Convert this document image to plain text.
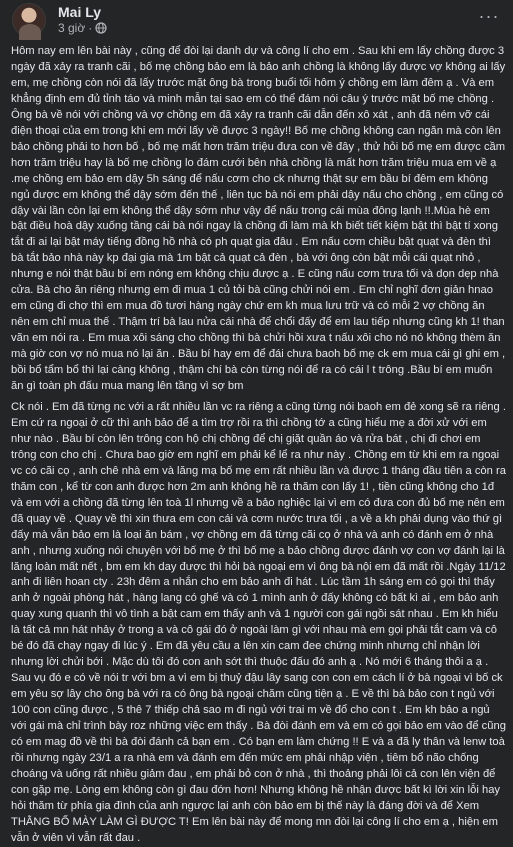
Mai Ly
3 giờ ·
···

Hôm nay em lên bài này , cũng để đòi lại danh dự và công lí cho em . Sau khi em lấy chồng được 3 ngày đã xảy ra tranh cãi , bố mẹ chồng bảo em là bảo anh chồng là không lấy được vợ không ai lấy em, mẹ chồng còn nói đã lấy trước mặt ông bà trong buổi tối hôm ý chồng em làm đêm ạ . Và em khẳng định em đủ tỉnh táo và minh mẫn tại sao em có thể đám nói câu ý trước mặt bố mẹ chồng . Ông bà về nói với chồng và vợ chồng em đã xảy ra tranh cãi dẫn đến xô xát , anh đã ném vỡ cái điện thoại của em trong khi em mới lấy về được 3 ngày!! Bố mẹ chồng không can ngăn mà còn lên bảo chồng phải to hơn bố , bố mẹ mất hơn trăm triệu đưa con về đây , thử hỏi bố mẹ em được cầm hơn trăm triệu hay là bố mẹ chồng lo đám cưới bên nhà chồng là mất hơn trăm triệu mua em về ạ .mẹ chồng em bảo em dậy 5h sáng để nấu cơm cho ck nhưng thật sự em bầu bí đêm em không ngủ được em không thể dậy sớm đến thế , liên tục bà nói em phải dậy nấu cho chồng , em cũng có dậy vài lần còn lại em không thể dậy sớm như vậy để nấu trong cái mùa đông lạnh !!.Mùa hè em bật điều hoà dậy xuống tầng cái bà nói ngay là chồng đi làm mà kh biết tiết kiệm bật thì bật tí xong tắt đi ai lại bật máy tiếng đồng hồ nhà có ph quạt gia đâu . Em nấu cơm chiều bật quạt và đèn thì bà tắt bảo nhà này kp đại gia mà 1m bật cả quạt cả đèn , bà với ông còn bật mỗi cái quạt nhỏ , nhưng e nói thật bầu bí em nóng em không chịu được ạ . E cũng nấu cơm trưa tối và dọn dẹp nhà cửa. Bà cho ăn riêng nhưng em đi mua 1 củ tỏi bà cũng chửi nói em . Em chỉ nghĩ đơn giản hnao em cũng đi chợ thì em mua đồ tươi hàng ngày chứ em kh mua lưu trữ và có mỗi 2 vợ chồng ăn nên em chỉ mua thế . Thậm trí bà lau nửa cái nhà để chổi đấy để em lau tiếp nhưng cũng kh 1! than vãn em nói ra . Em mua xôi sáng cho chồng thì bà chửi hồi xưa t nấu xôi cho nó nó không thèm ăn mà giờ con vợ nó mua nó lại ăn . Bầu bí hay em để đái chưa baoh bố mẹ ck em mua cái gì ghi em , bồi bổ tẩm bổ thì lại càng không , thậm chí bà còn từng nói để ra có cái l t trông .Bầu bí em muốn ăn gì toàn ph đấu mua mang lên tầng vì sợ bm

Ck nói . Em đã từng nc với a rất nhiều lần vc ra riêng a cũng từng nói baoh em đẻ xong sẽ ra riêng . Em cứ ra ngoại ở cữ thì anh bảo để a tìm trợ rồi ra thì chồng tớ a cũng hiểu mẹ a đời xử với em như nào . Bầu bí còn lên trông con hộ chị chồng để chị giặt quần áo và rửa bát , chị đi chơi em trông con cho chị . Chưa bao giờ em nghĩ em phải kể lể ra như này . Chồng em từ khi em ra ngoại vc có cãi cọ , anh chê nhà em và lăng mạ bố mẹ em rất nhiều lần và được 1 tháng đầu tiên a còn ra thăm con , kể từ con anh được hơn 2m anh không hề ra thăm con lấy 1! , tiền cũng không cho 1đ và em với a chồng đã từng lên toà 1l nhưng về a bảo nghiệc lại vì em có đưa con đủ bố mẹ nên em đã quay về . Quay về thì xin thưa em con cái và cơm nước trưa tối , a về a kh phải dụng vào thứ gì đấy mà vẫn bảo em là loại ăn bám , vợ chồng em đã từng cãi cọ ở nhà và anh có đánh em ở nhà anh , nhưng xuống nói chuyện với bố mẹ ở thì bố mẹ a bảo chồng được đánh vợ con vợ đánh lại là lăng loàn mất nết , bm em kh day được thì hỏi bà ngoại em vì ông bà nội em đã mất rồi .Ngày 11/12 anh đi liên hoan cty . 23h đêm a nhắn cho em bảo anh đi hát . Lúc tầm 1h sáng em có gọi thì thấy anh ở ngoài phòng hát , hàng lang có ghế và có 1 mình anh ở đấy không có bất kì ai , em bảo anh quay xung quanh thì vô tình a bật cam em thấy anh và 1 người con gái ngồi sát nhau . Em kh hiểu là tất cả mn hát nhảy ở trong a và cô gái đó ở ngoài làm gì với nhau mà em gọi phải tắt cam và cô bé đó đã chạy ngay đi lúc ý . Em đã yêu cầu a lên xin cam đee chứng minh nhưng chỉ nhận lời nhưng lời chửi bới . Mặc dù tôi đó con anh sớt thì thuộc đấu đó anh ạ . Nó mới 6 tháng thôi a ạ . Sau vụ đó e có về nói tr với bm a vì em bị thuỷ đậu lây sang con con em cách lí ở bà ngoại vì bố ck em yêu sợ lây cho ông bà với ra có ông bà ngoại chăm cũng tiện ạ . E về thì bà bảo con t ngủ với 100 con cũng được , 5 thê 7 thiếp chả sao m đi ngủ với trai m về đổ cho con t . Em kh bảo a ngủ với gái mà chỉ trình bày roz những việc em thấy . Bà đòi đánh em và em có gọi bảo em vào để cũng có em mag đồ về thì bà đòi đánh cả bạn em . Có bạn em làm chứng !! E và a đã ly thân và lenw toà rồi nhưng ngày 23/1 a ra nhà em và đánh em đến mức em phải nhập viện , tiêm bổ não chống choáng và uống rất nhiều giảm đau , em phải bỏ con ở nhà , thì thoảng phải lôi cả con lên viện để con gặp mẹ. Lòng em không còn gì đau đớn hơn! Nhưng không hề nhận được bất kì lời xin lỗi hay hỏi thăm từ phía gia đình của anh ngược lại anh còn bảo em bị thế này là đáng đời và để Xem THẰNG BỐ MÀY LÀM GÌ ĐƯỢC T! Em lên bài này để mong mn đòi lại công lí cho em ạ , hiện em vẫn ở viên vì vẫn rất đau .
